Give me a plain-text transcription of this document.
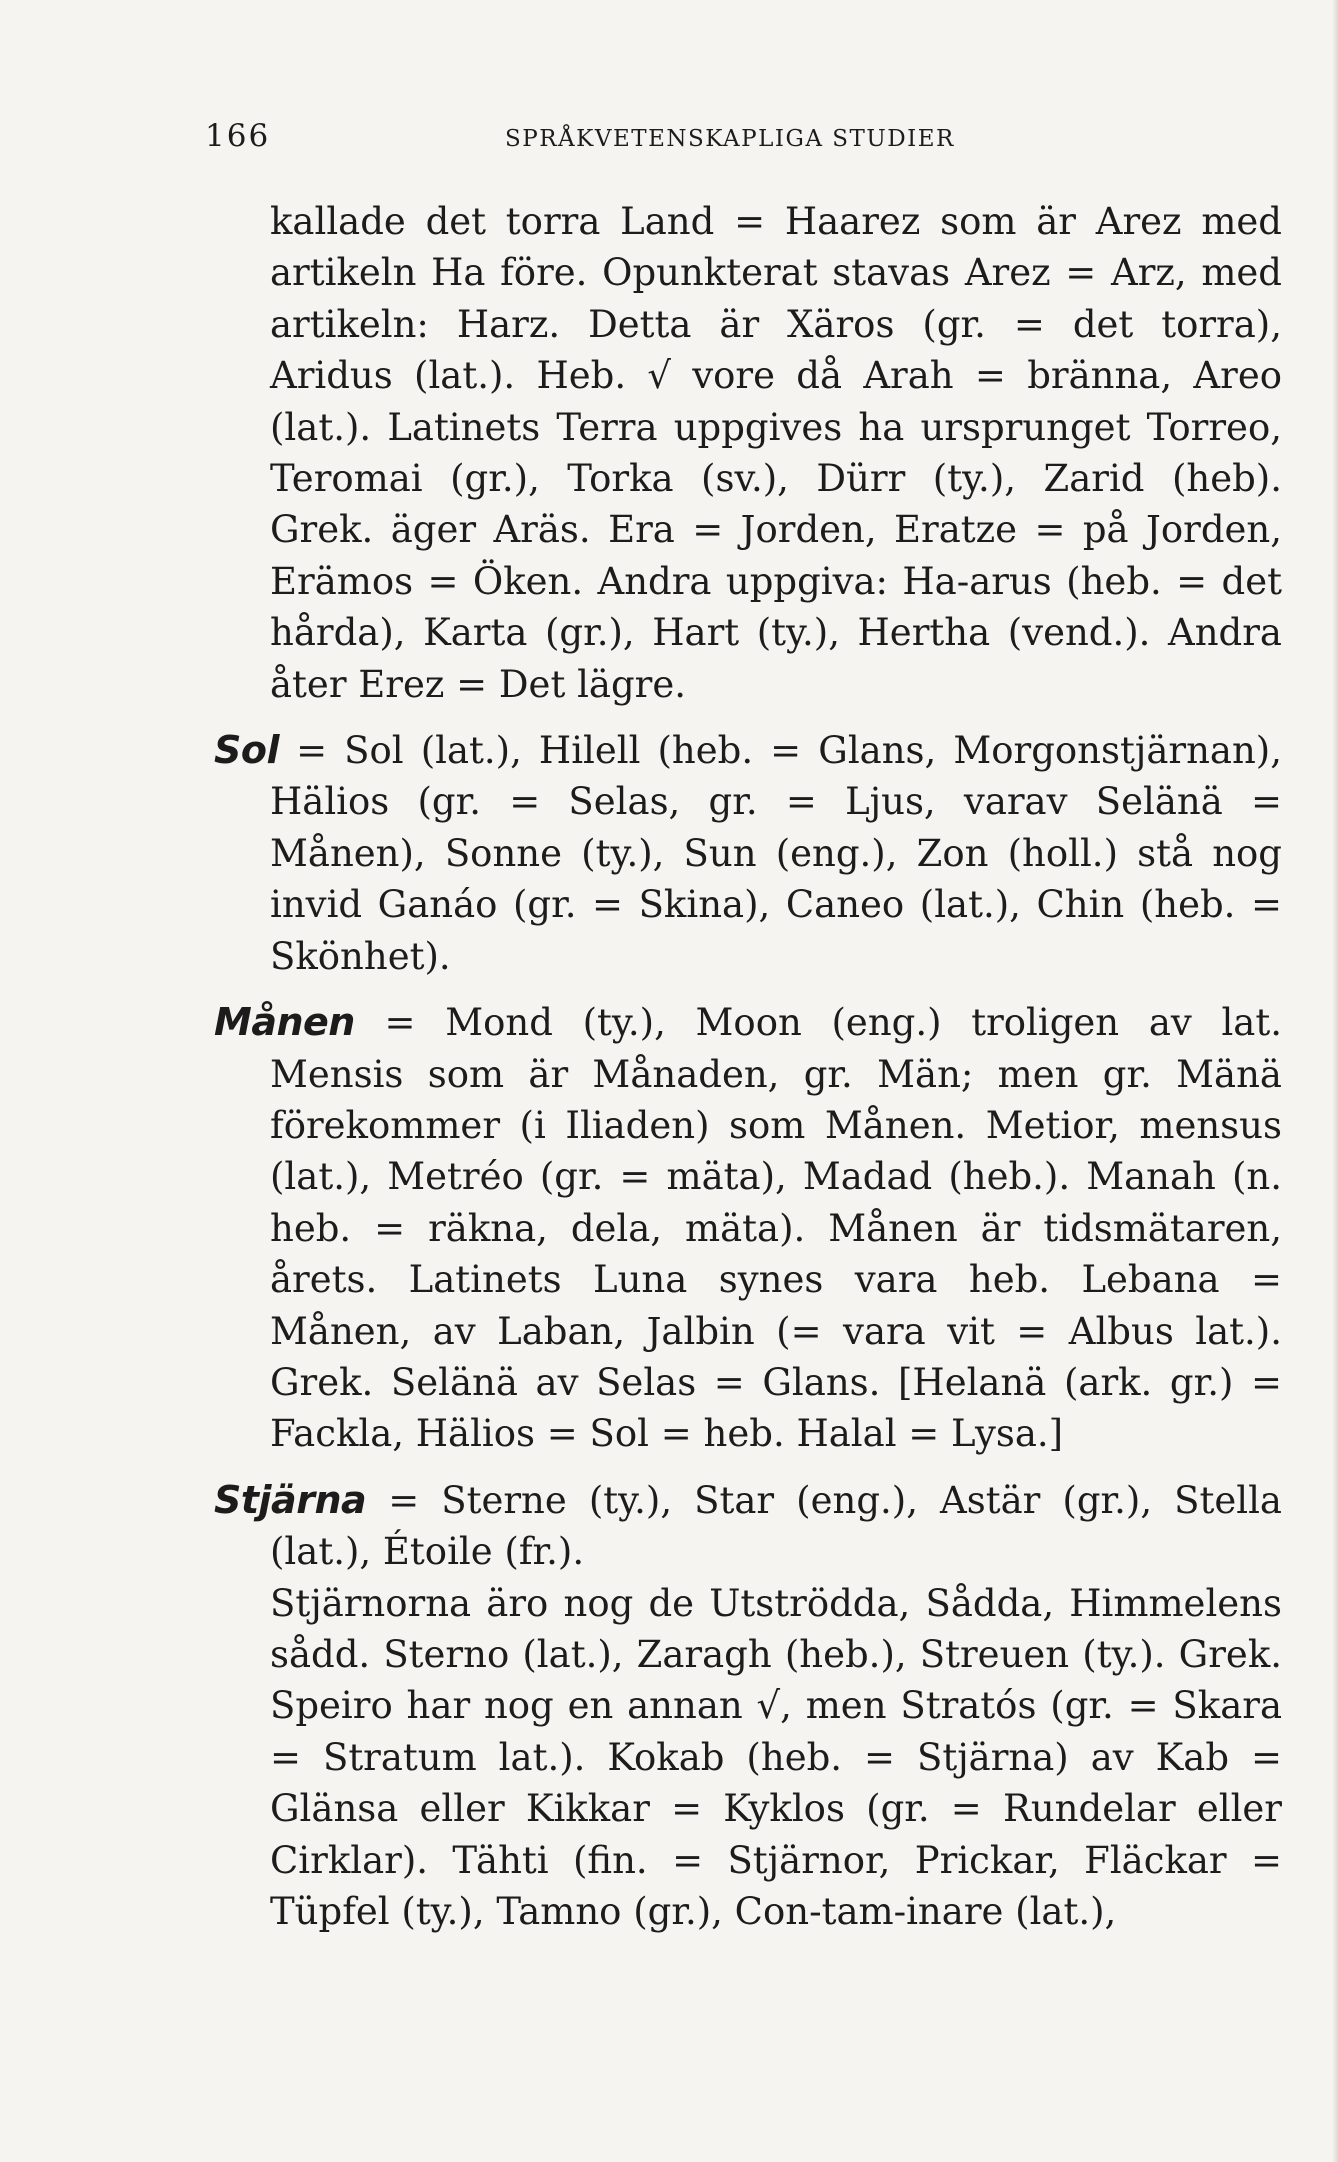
166	SPRÅKVETENSKAPLIGA STUDIER

kallade det torra Land = Haarez som är Arez med artikeln Ha före. Opunkterat stavas Arez = Arz, med artikeln: Harz. Detta är Xäros (gr. = det torra), Aridus (lat.). Heb. √ vore då Arah = bränna, Areo (lat.). Latinets Terra uppgives ha ursprunget Torreo, Teromai (gr.), Torka (sv.), Dürr (ty.), Zarid (heb). Grek. äger Aräs. Era = Jorden, Eratze = på Jorden, Erämos = Öken. Andra uppgiva: Ha-arus (heb. = det hårda), Karta (gr.), Hart (ty.), Hertha (vend.). Andra åter Erez = Det lägre.

Sol = Sol (lat.), Hilell (heb. = Glans, Morgonstjärnan), Hälios (gr. = Selas, gr. = Ljus, varav Selänä = Månen), Sonne (ty.), Sun (eng.), Zon (holl.) stå nog invid Ganáo (gr. = Skina), Caneo (lat.), Chin (heb. = Skönhet).

Månen = Mond (ty.), Moon (eng.) troligen av lat. Mensis som är Månaden, gr. Män; men gr. Mänä förekommer (i Iliaden) som Månen. Metior, mensus (lat.), Metréo (gr. = mäta), Madad (heb.). Manah (n. heb. = räkna, dela, mäta). Månen är tidsmätaren, årets. Latinets Luna synes vara heb. Lebana = Månen, av Laban, Jalbin (= vara vit = Albus lat.). Grek. Selänä av Selas = Glans. [Helanä (ark. gr.) = Fackla, Hälios = Sol = heb. Halal = Lysa.]

Stjärna = Sterne (ty.), Star (eng.), Astär (gr.), Stella (lat.), Étoile (fr.).

Stjärnorna äro nog de Utströdda, Sådda, Himmelens sådd. Sterno (lat.), Zaragh (heb.), Streuen (ty.). Grek. Speiro har nog en annan √, men Stratós (gr. = Skara = Stratum lat.). Kokab (heb. = Stjärna) av Kab = Glänsa eller Kikkar = Kyklos (gr. = Rundelar eller Cirklar). Tähti (fin. = Stjärnor, Prickar, Fläckar = Tüpfel (ty.), Tamno (gr.), Con-tam-inare (lat.),
